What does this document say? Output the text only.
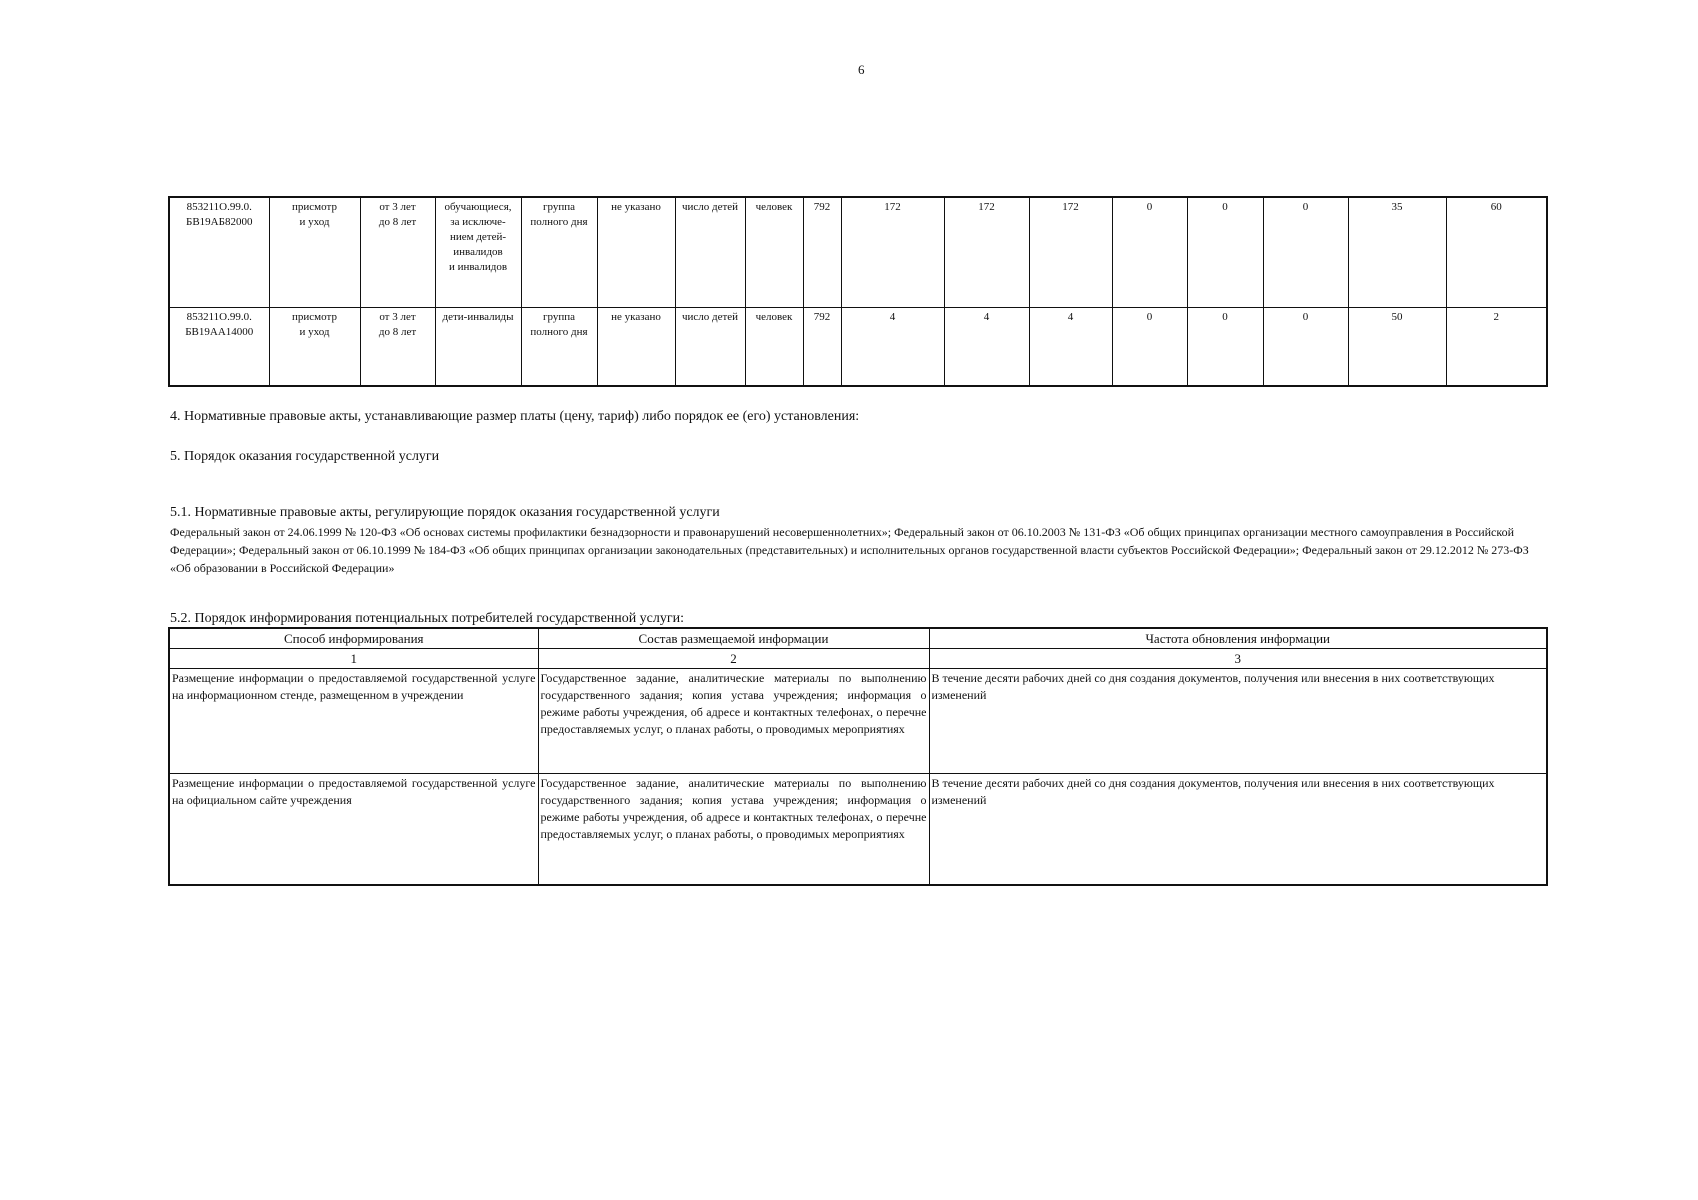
6
853211О.99.0.
БВ19АБ82000	присмотр
и уход	от 3 лет
до 8 лет	обучающиеся,
за исключе-
нием детей-
инвалидов
и инвалидов	группа
полного дня	не указано	число детей	человек	792	172	172	172	0	0	0	35	60
853211О.99.0.
БВ19АА14000	присмотр
и уход	от 3 лет
до 8 лет	дети-инвалиды	группа
полного дня	не указано	число детей	человек	792	4	4	4	0	0	0	50	2
4. Нормативные правовые акты, устанавливающие размер платы (цену, тариф) либо порядок ее (его) установления:
5. Порядок оказания государственной услуги
5.1. Нормативные правовые акты, регулирующие порядок оказания государственной услуги
Федеральный закон от 24.06.1999 № 120-ФЗ «Об основах системы профилактики безнадзорности и правонарушений несовершеннолетних»; Федеральный закон от 06.10.2003 № 131-ФЗ «Об общих принципах организации местного самоуправления в Российской Федерации»; Федеральный закон от 06.10.1999 № 184-ФЗ «Об общих принципах организации законодательных (представительных) и исполнительных органов государственной власти субъектов Российской Федерации»; Федеральный закон от 29.12.2012 № 273-ФЗ «Об образовании в Российской Федерации»
5.2. Порядок информирования потенциальных потребителей государственной услуги:
Способ информирования	Состав размещаемой информации	Частота обновления информации
1	2	3
Размещение информации о предоставляемой государственной услуге на информационном стенде, размещенном в учреждении	Государственное задание, аналитические материалы по выполнению государственного задания; копия устава учреждения; информация о режиме работы учреждения, об адресе и контактных телефонах, о перечне предоставляемых услуг, о планах работы, о проводимых мероприятиях	В течение десяти рабочих дней со дня создания документов, получения или внесения в них соответствующих изменений
Размещение информации о предоставляемой государственной услуге на официальном сайте учреждения	Государственное задание, аналитические материалы по выполнению государственного задания; копия устава учреждения; информация о режиме работы учреждения, об адресе и контактных телефонах, о перечне предоставляемых услуг, о планах работы, о проводимых мероприятиях	В течение десяти рабочих дней со дня создания документов, получения или внесения в них соответствующих изменений
